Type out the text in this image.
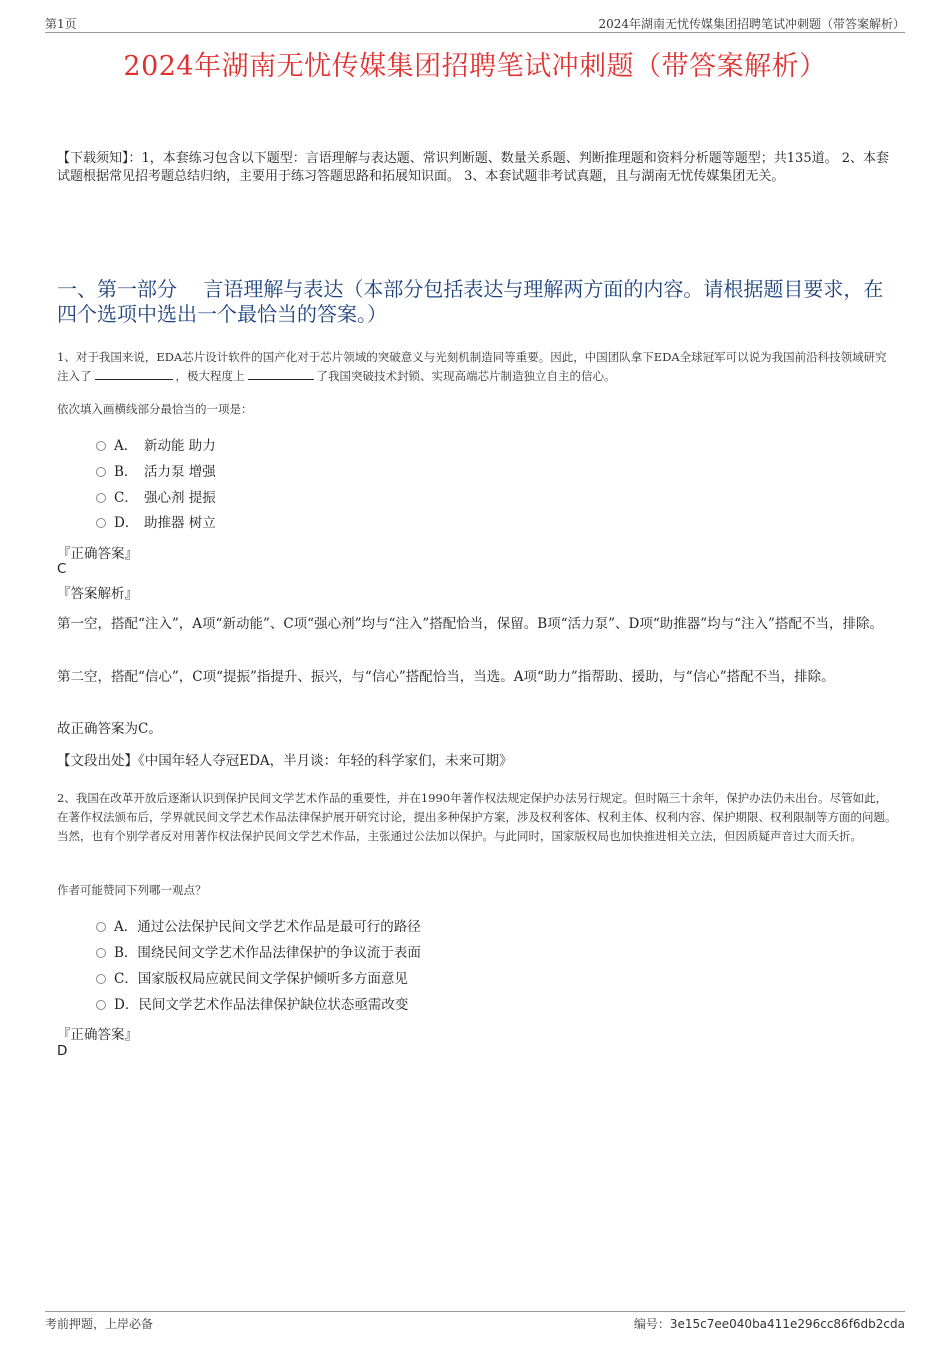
第1页	2024年湖南无忧传媒集团招聘笔试冲刺题（带答案解析）
2024年湖南无忧传媒集团招聘笔试冲刺题（带答案解析）
【下载须知】：1，本套练习包含以下题型：言语理解与表达题、常识判断题、数量关系题、判断推理题和资料分析题等题型；共135道。 2、本套试题根据常见招考题总结归纳，主要用于练习答题思路和拓展知识面。 3、本套试题非考试真题，且与湖南无忧传媒集团无关。
一、第一部分　 言语理解与表达（本部分包括表达与理解两方面的内容。请根据题目要求，在四个选项中选出一个最恰当的答案。）
1、对于我国来说，EDA芯片设计软件的国产化对于芯片领域的突破意义与光刻机制造同等重要。因此，中国团队拿下EDA全球冠军可以说为我国前沿科技领域研究注入了	，极大程度上	了我国突破技术封锁、实现高端芯片制造独立自主的信心。
依次填入画横线部分最恰当的一项是：
A． 新动能 助力
B． 活力泵 增强
C． 强心剂 提振
D． 助推器 树立
『正确答案』
C
『答案解析』
第一空，搭配“注入”，A项“新动能”、C项“强心剂”均与“注入”搭配恰当，保留。B项“活力泵”、D项“助推器”均与“注入”搭配不当，排除。
第二空，搭配“信心”，C项“提振”指提升、振兴，与“信心”搭配恰当，当选。A项“助力”指帮助、援助，与“信心”搭配不当，排除。
故正确答案为C。
【文段出处】《中国年轻人夺冠EDA，半月谈：年轻的科学家们，未来可期》
2、我国在改革开放后逐渐认识到保护民间文学艺术作品的重要性，并在1990年著作权法规定保护办法另行规定。但时隔三十余年，保护办法仍未出台。尽管如此，在著作权法颁布后，学界就民间文学艺术作品法律保护展开研究讨论，提出多种保护方案，涉及权利客体、权利主体、权利内容、保护期限、权利限制等方面的问题。当然，也有个别学者反对用著作权法保护民间文学艺术作品，主张通过公法加以保护。与此同时，国家版权局也加快推进相关立法，但因质疑声音过大而夭折。
作者可能赞同下列哪一观点？
A．通过公法保护民间文学艺术作品是最可行的路径
B．围绕民间文学艺术作品法律保护的争议流于表面
C．国家版权局应就民间文学保护倾听多方面意见
D．民间文学艺术作品法律保护缺位状态亟需改变
『正确答案』
D
考前押题，上岸必备	编号：3e15c7ee040ba411e296cc86f6db2cda
